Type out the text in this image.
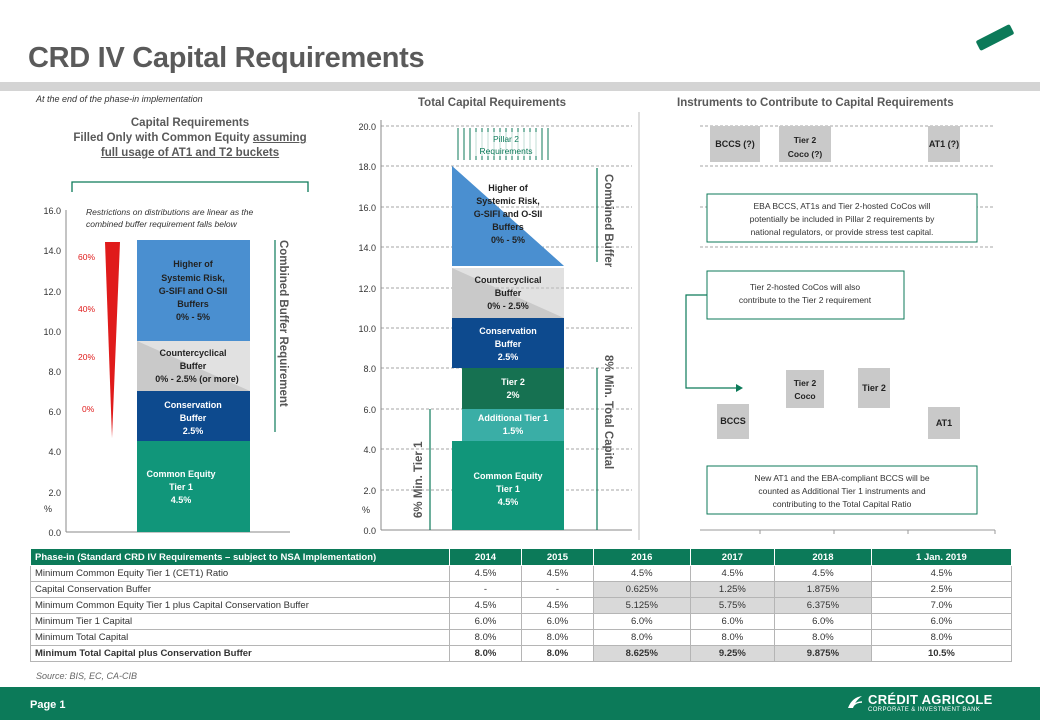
CRD IV Capital Requirements
At the end of the phase-in implementation
Capital Requirements
Filled Only with Common Equity assuming
full usage of AT1 and T2 buckets
Total Capital Requirements	Instruments to Contribute to Capital Requirements
16.0
14.0
12.0
10.0
8.0
6.0
4.0
2.0
0.0
%
Restrictions on distributions are linear as the
combined buffer requirement falls below
60%
40%
20%
0%
Higher of
Systemic Risk,
G-SIFI and O-SII
Buffers
0% - 5%
Countercyclical
Buffer
0% - 2.5% (or more)
Conservation
Buffer
2.5%
Common Equity
Tier 1
4.5%
Combined Buffer Requirement
20.0
18.0
16.0
14.0
12.0
10.0
8.0
6.0
4.0
2.0
0.0
%
Pillar 2
Requirements
Higher of
Systemic Risk,
G-SIFI and O-SII
Buffers
0% - 5%
Countercyclical
Buffer
0% - 2.5%
Conservation
Buffer
2.5%
Tier 2
2%
Additional Tier 1
1.5%
Common Equity
Tier 1
4.5%
Combined Buffer
8% Min. Total Capital
6% Min. Tier 1
BCCS (?)	Tier 2
Coco (?)
AT1 (?)
EBA BCCS, AT1s and Tier 2-hosted CoCos will
potentially be included in Pillar 2 requirements by
national regulators, or provide stress test capital.
Tier 2-hosted CoCos will also
contribute to the Tier 2 requirement
BCCS
Tier 2
Coco
Tier 2
AT1
New AT1 and the EBA-compliant BCCS will be
counted as Additional Tier 1 instruments and
contributing to the Total Capital Ratio
Phase-in (Standard CRD IV Requirements – subject to NSA Implementation)	2014	2015	2016	2017	2018	1 Jan. 2019
Minimum Common Equity Tier 1 (CET1) Ratio	4.5%	4.5%	4.5%	4.5%	4.5%	4.5%
Capital Conservation Buffer	-	-	0.625%	1.25%	1.875%	2.5%
Minimum Common Equity Tier 1 plus Capital Conservation Buffer	4.5%	4.5%	5.125%	5.75%	6.375%	7.0%
Minimum Tier 1 Capital	6.0%	6.0%	6.0%	6.0%	6.0%	6.0%
Minimum Total Capital	8.0%	8.0%	8.0%	8.0%	8.0%	8.0%
Minimum Total Capital plus Conservation Buffer	8.0%	8.0%	8.625%	9.25%	9.875%	10.5%
Source: BIS, EC, CA-CIB
Page 1	CRÉDIT AGRICOLE
CORPORATE & INVESTMENT BANK
